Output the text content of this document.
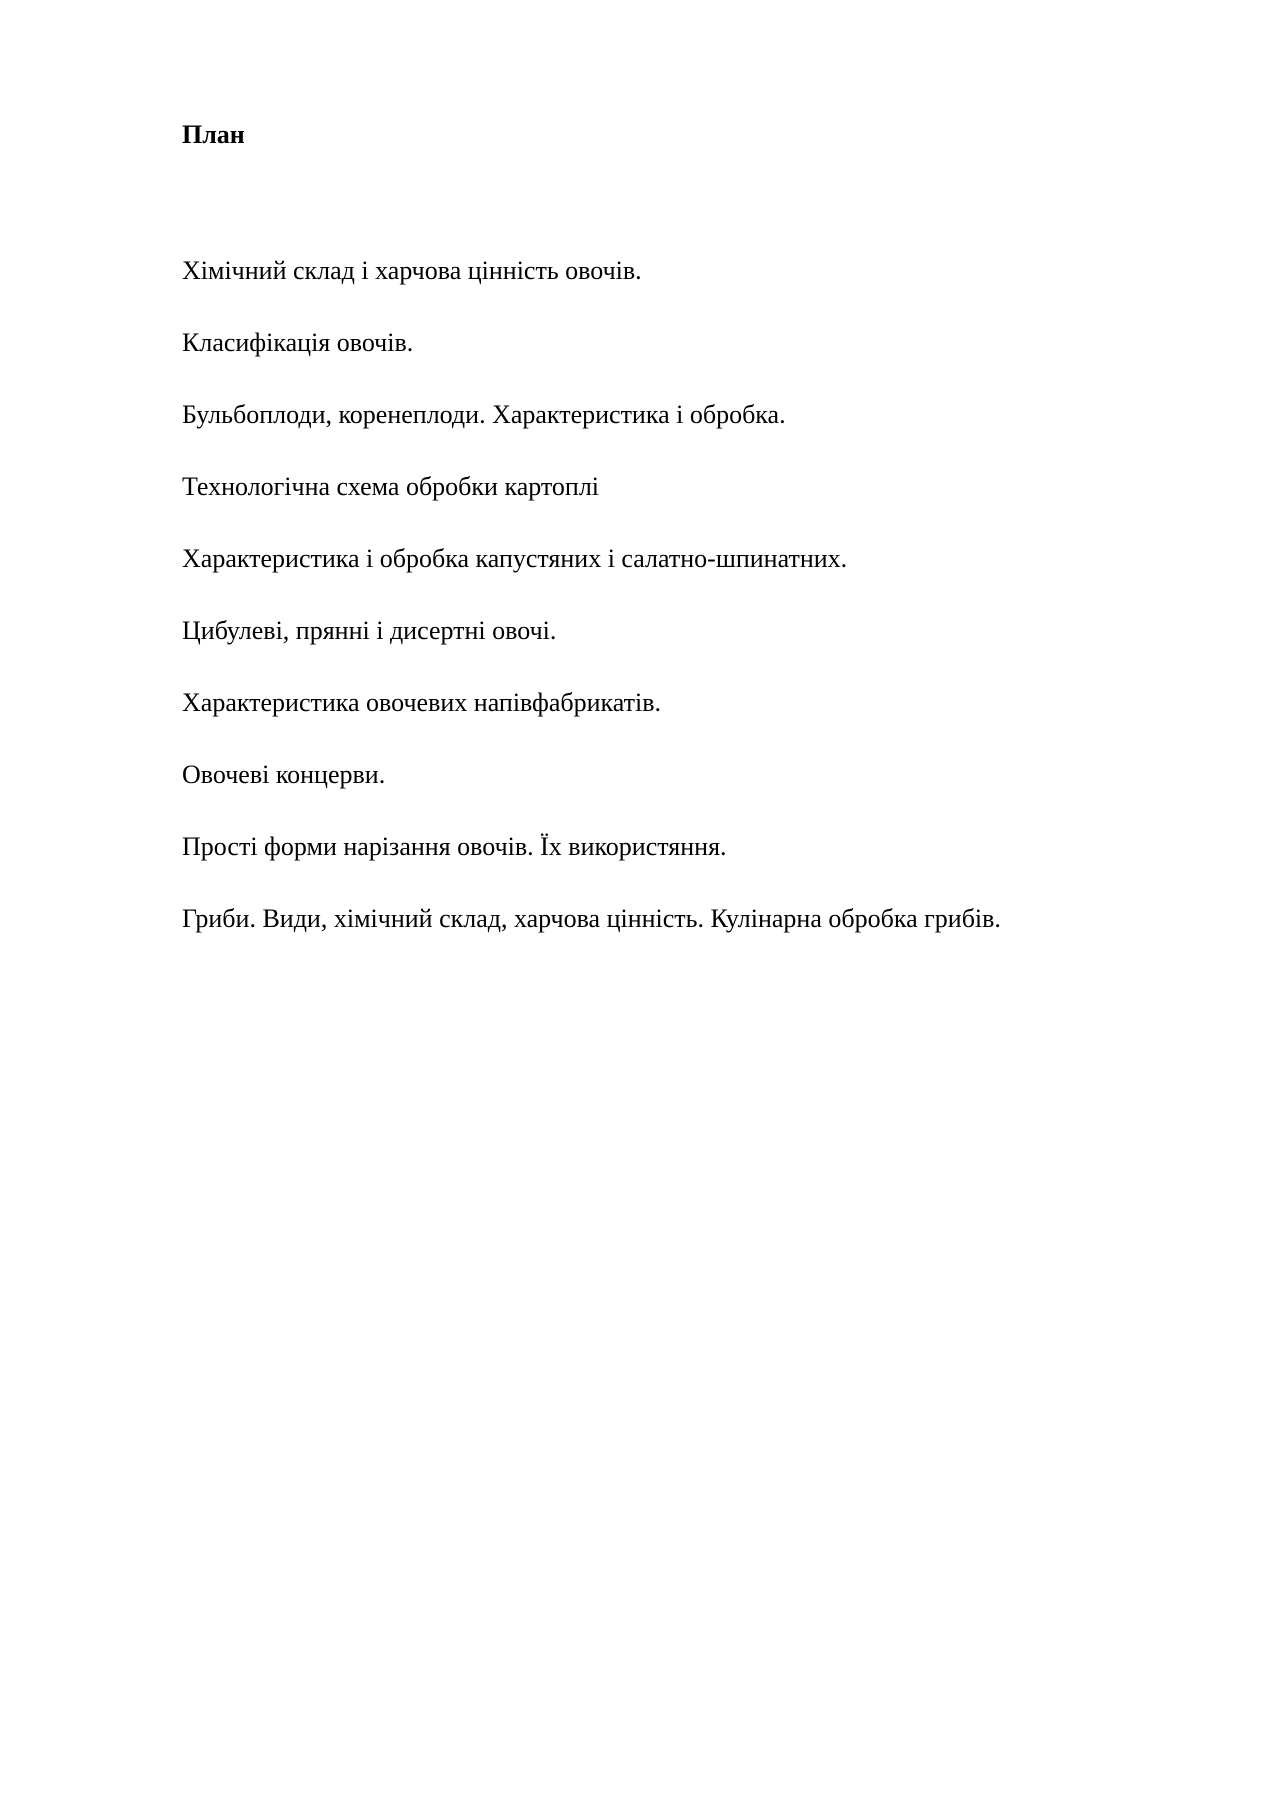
План
Хімічний склад і харчова цінність овочів.
Класифікація овочів.
Бульбоплоди, коренеплоди. Характеристика і обробка.
Технологічна схема обробки картоплі
Характеристика і обробка капустяних і салатно-шпинатних.
Цибулеві, прянні і дисертні овочі.
Характеристика овочевих напівфабрикатів.
Овочеві концерви.
Прості форми нарізання овочів. Їх використяння.
Гриби. Види, хімічний склад, харчова цінність. Кулінарна обробка грибів.
